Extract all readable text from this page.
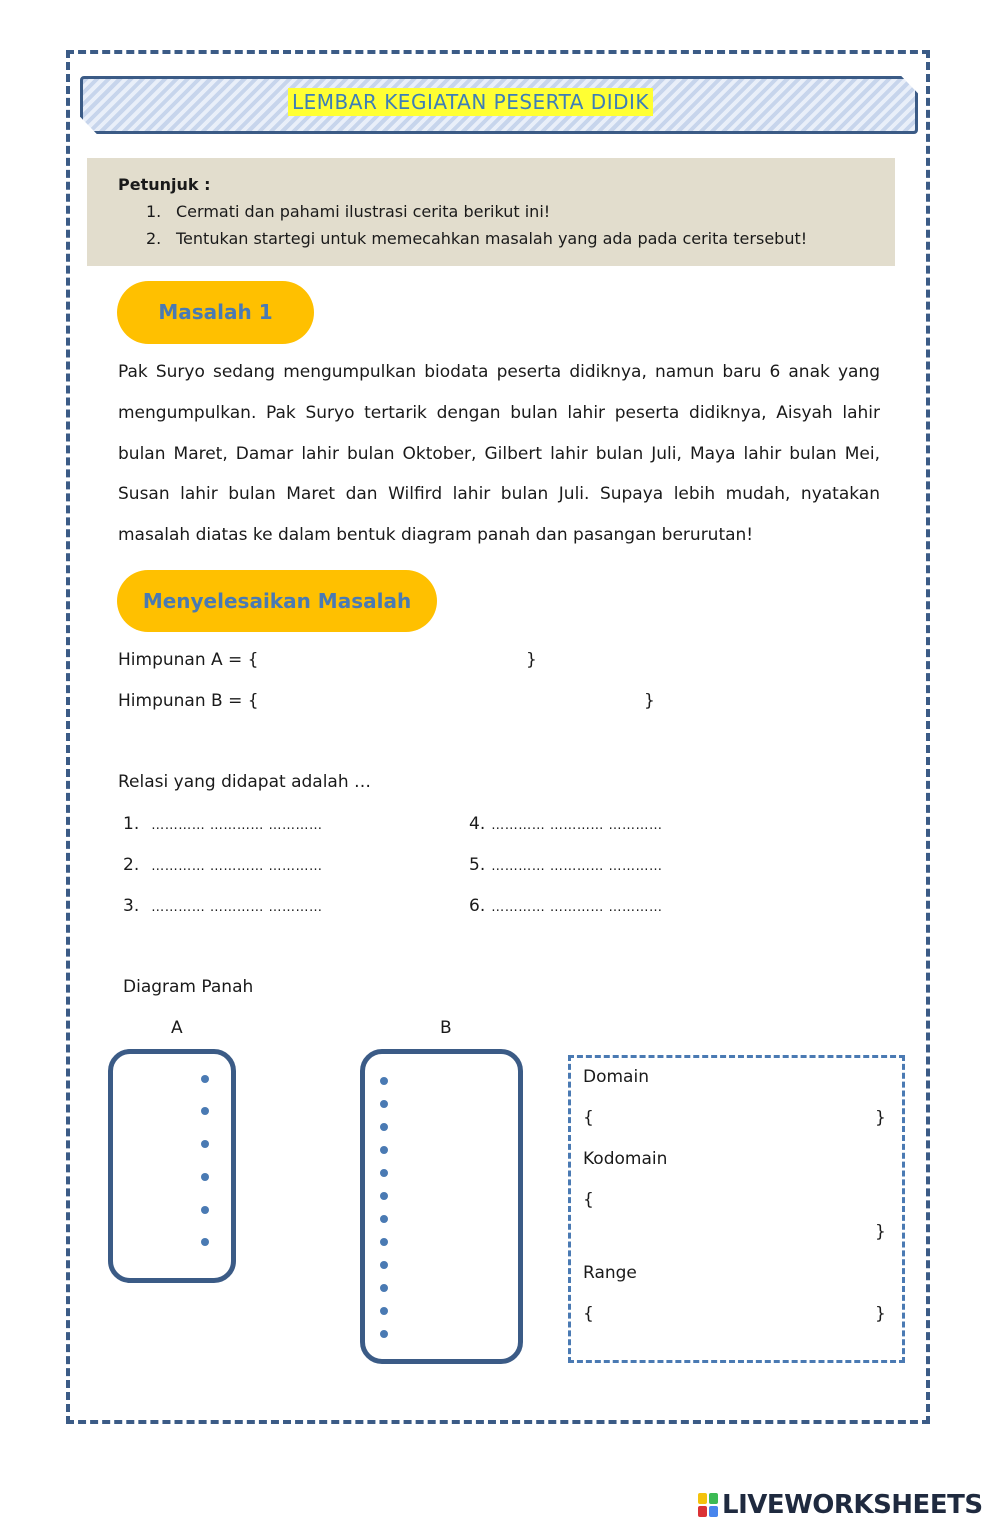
LEMBAR KEGIATAN PESERTA DIDIK
Petunjuk :
1. Cermati dan pahami ilustrasi cerita berikut ini!
2. Tentukan startegi untuk memecahkan masalah yang ada pada cerita tersebut!
Masalah 1

Pak Suryo sedang mengumpulkan biodata peserta didiknya, namun baru 6 anak yang mengumpulkan. Pak Suryo tertarik dengan bulan lahir peserta didiknya, Aisyah lahir bulan Maret, Damar lahir bulan Oktober, Gilbert lahir bulan Juli, Maya lahir bulan Mei, Susan lahir bulan Maret dan Wilfird lahir bulan Juli. Supaya lebih mudah, nyatakan masalah diatas ke dalam bentuk diagram panah dan pasangan berurutan!

Menyelesaikan Masalah
Himpunan A = {	}
Himpunan B = {	}
Relasi yang didapat adalah …
1. ………… ………… …………
2. ………… ………… …………
3. ………… ………… …………
4. ………… ………… …………
5. ………… ………… …………
6. ………… ………… …………
Diagram Panah
A	B
Domain
{	}
Kodomain
{
}
Range
{	}
LIVEWORKSHEETS
